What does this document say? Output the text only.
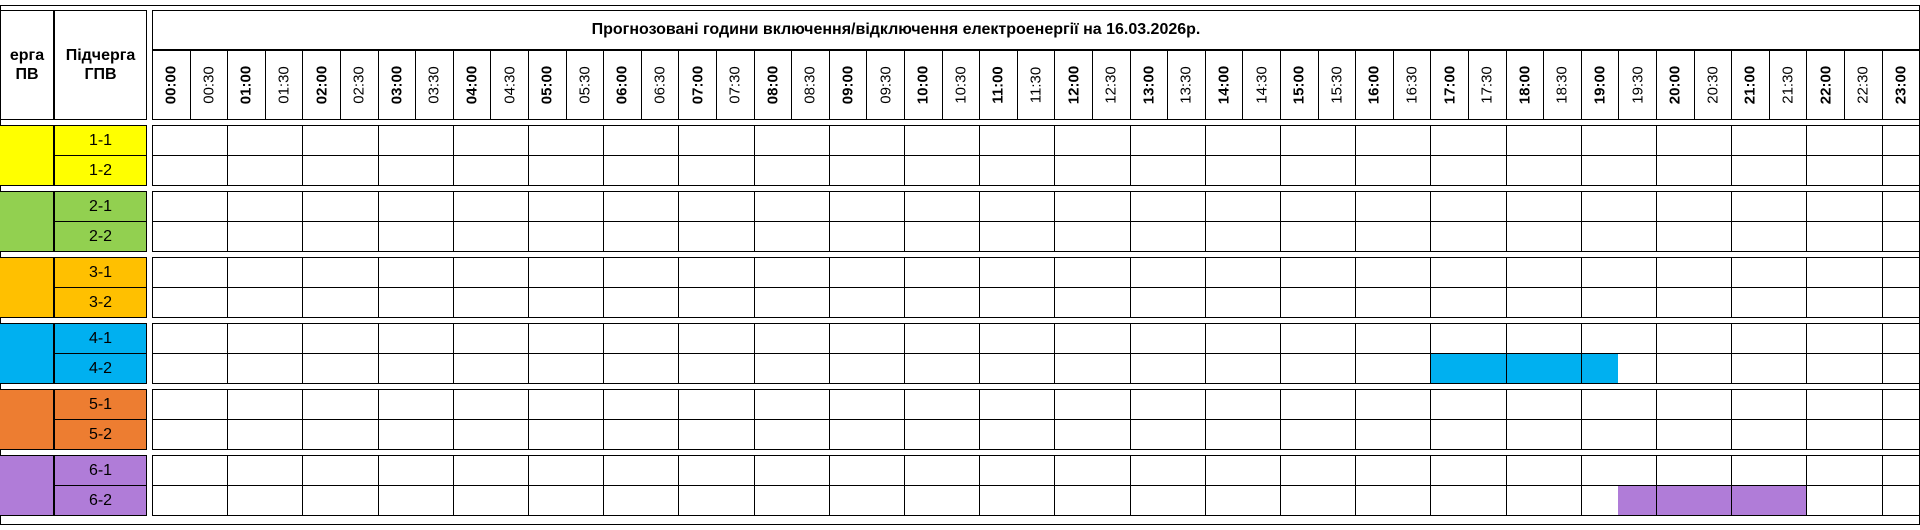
ерга
ПВ
Підчерга
ГПВ
Прогнозовані години включення/відключення електроенергії на 16.03.2026р.
00:00 00:30 01:00 01:30 02:00 02:30 03:00 03:30 04:00 04:30 05:00 05:30 06:00 06:30 07:00 07:30 08:00 08:30 09:00 09:30 10:00 10:30 11:00 11:30 12:00 12:30 13:00 13:30 14:00 14:30 15:00 15:30 16:00 16:30 17:00 17:30 18:00 18:30 19:00 19:30 20:00 20:30 21:00 21:30 22:00 22:30 23:00
1-1
1-2
2-1
2-2
3-1
3-2
4-1
4-2
5-1
5-2
6-1
6-2
